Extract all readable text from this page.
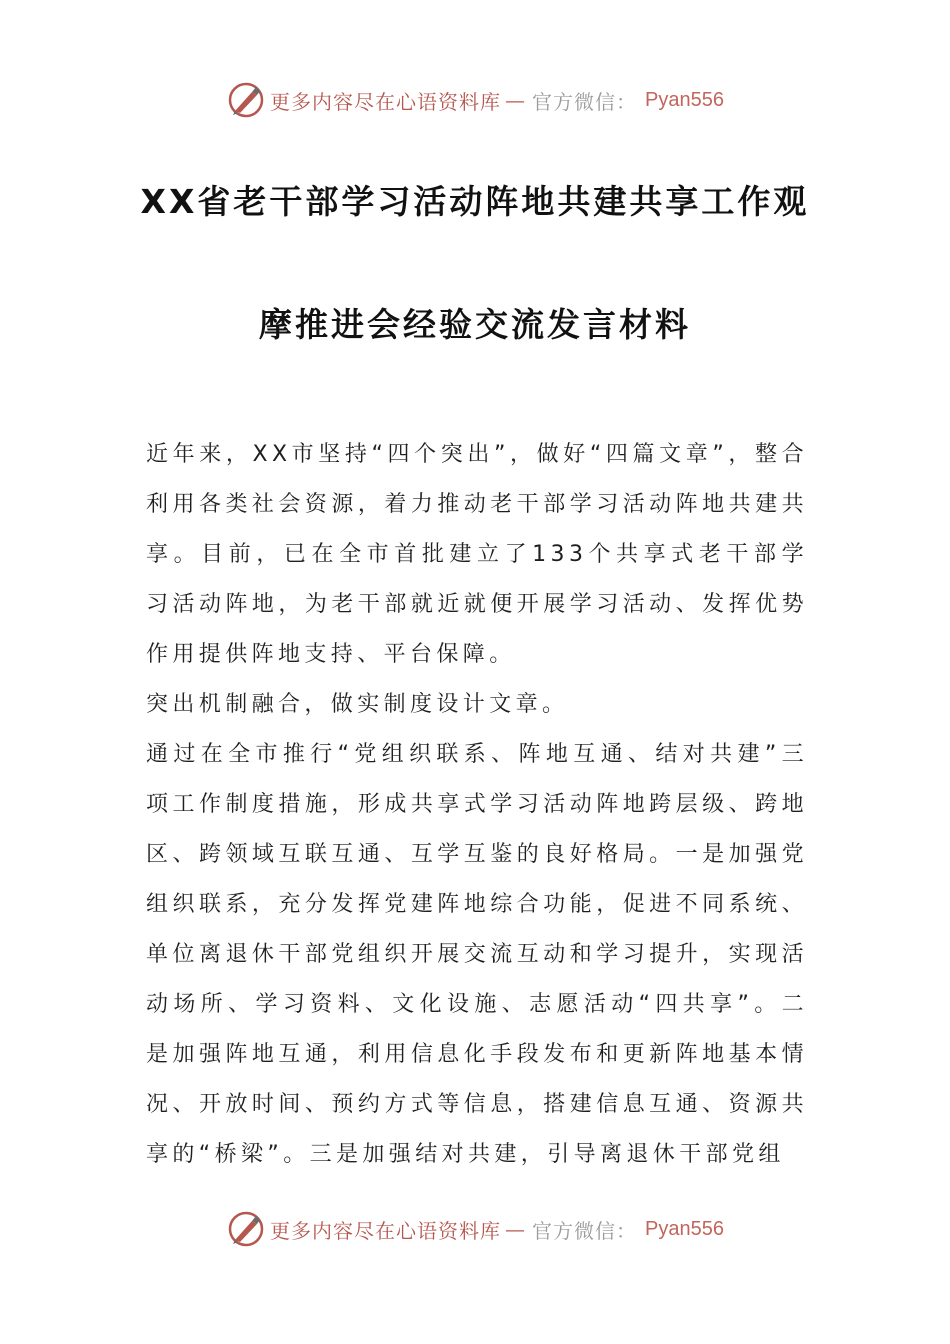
更多内容尽在心语资料库 — 官方微信： Pyan556
XX省老干部学习活动阵地共建共享工作观
摩推进会经验交流发言材料

近年来，XX市坚持“四个突出”，做好“四篇文章”，整合利用各类社会资源，着力推动老干部学习活动阵地共建共享。目前，已在全市首批建立了133个共享式老干部学习活动阵地，为老干部就近就便开展学习活动、发挥优势作用提供阵地支持、平台保障。

突出机制融合，做实制度设计文章。

通过在全市推行“党组织联系、阵地互通、结对共建”三项工作制度措施，形成共享式学习活动阵地跨层级、跨地区、跨领域互联互通、互学互鉴的良好格局。一是加强党组织联系，充分发挥党建阵地综合功能，促进不同系统、单位离退休干部党组织开展交流互动和学习提升，实现活动场所、学习资料、文化设施、志愿活动“四共享”。二是加强阵地互通，利用信息化手段发布和更新阵地基本情况、开放时间、预约方式等信息，搭建信息互通、资源共享的“桥梁”。三是加强结对共建，引导离退休干部党组

更多内容尽在心语资料库 — 官方微信： Pyan556
